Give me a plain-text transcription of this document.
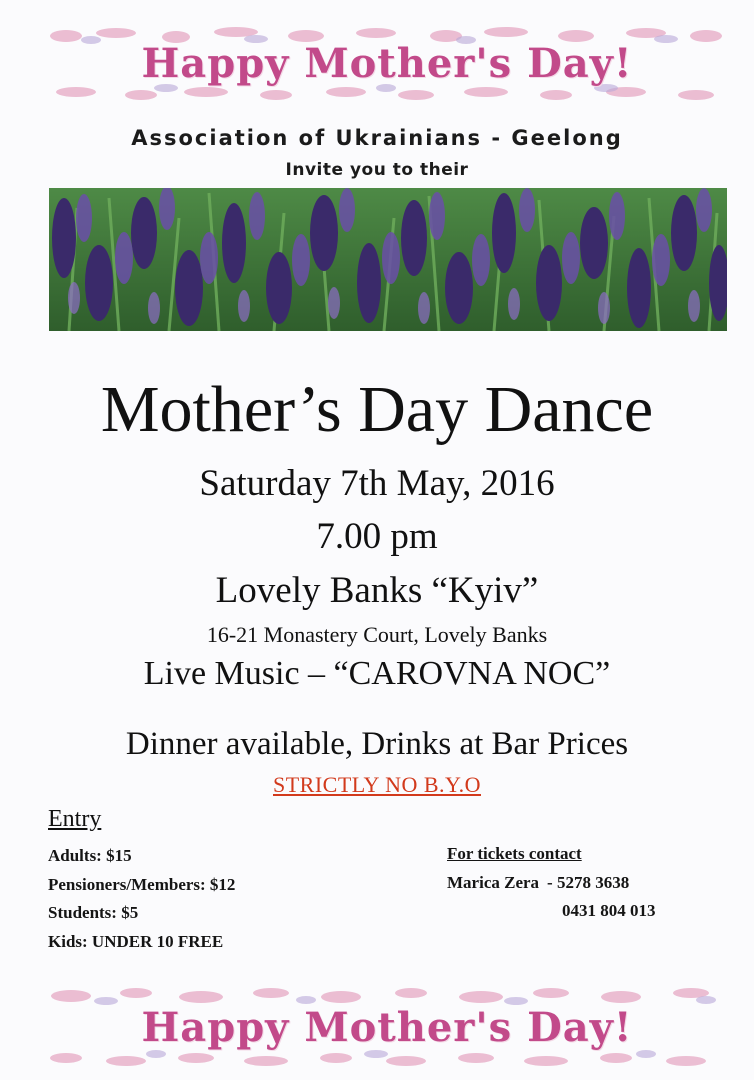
Happy Mother's Day!
Association of Ukrainians - Geelong
Invite you to their
Mother’s Day Dance
Saturday 7th May, 2016
7.00 pm
Lovely Banks “Kyiv”
16-21 Monastery Court, Lovely Banks
Live Music – “CAROVNA NOC”
Dinner available, Drinks at Bar Prices
STRICTLY NO B.Y.O
Entry
Adults: $15
Pensioners/Members: $12
Students: $5
Kids: UNDER 10 FREE
For tickets contact
Marica Zera - 5278 3638
0431 804 013
Happy Mother's Day!
